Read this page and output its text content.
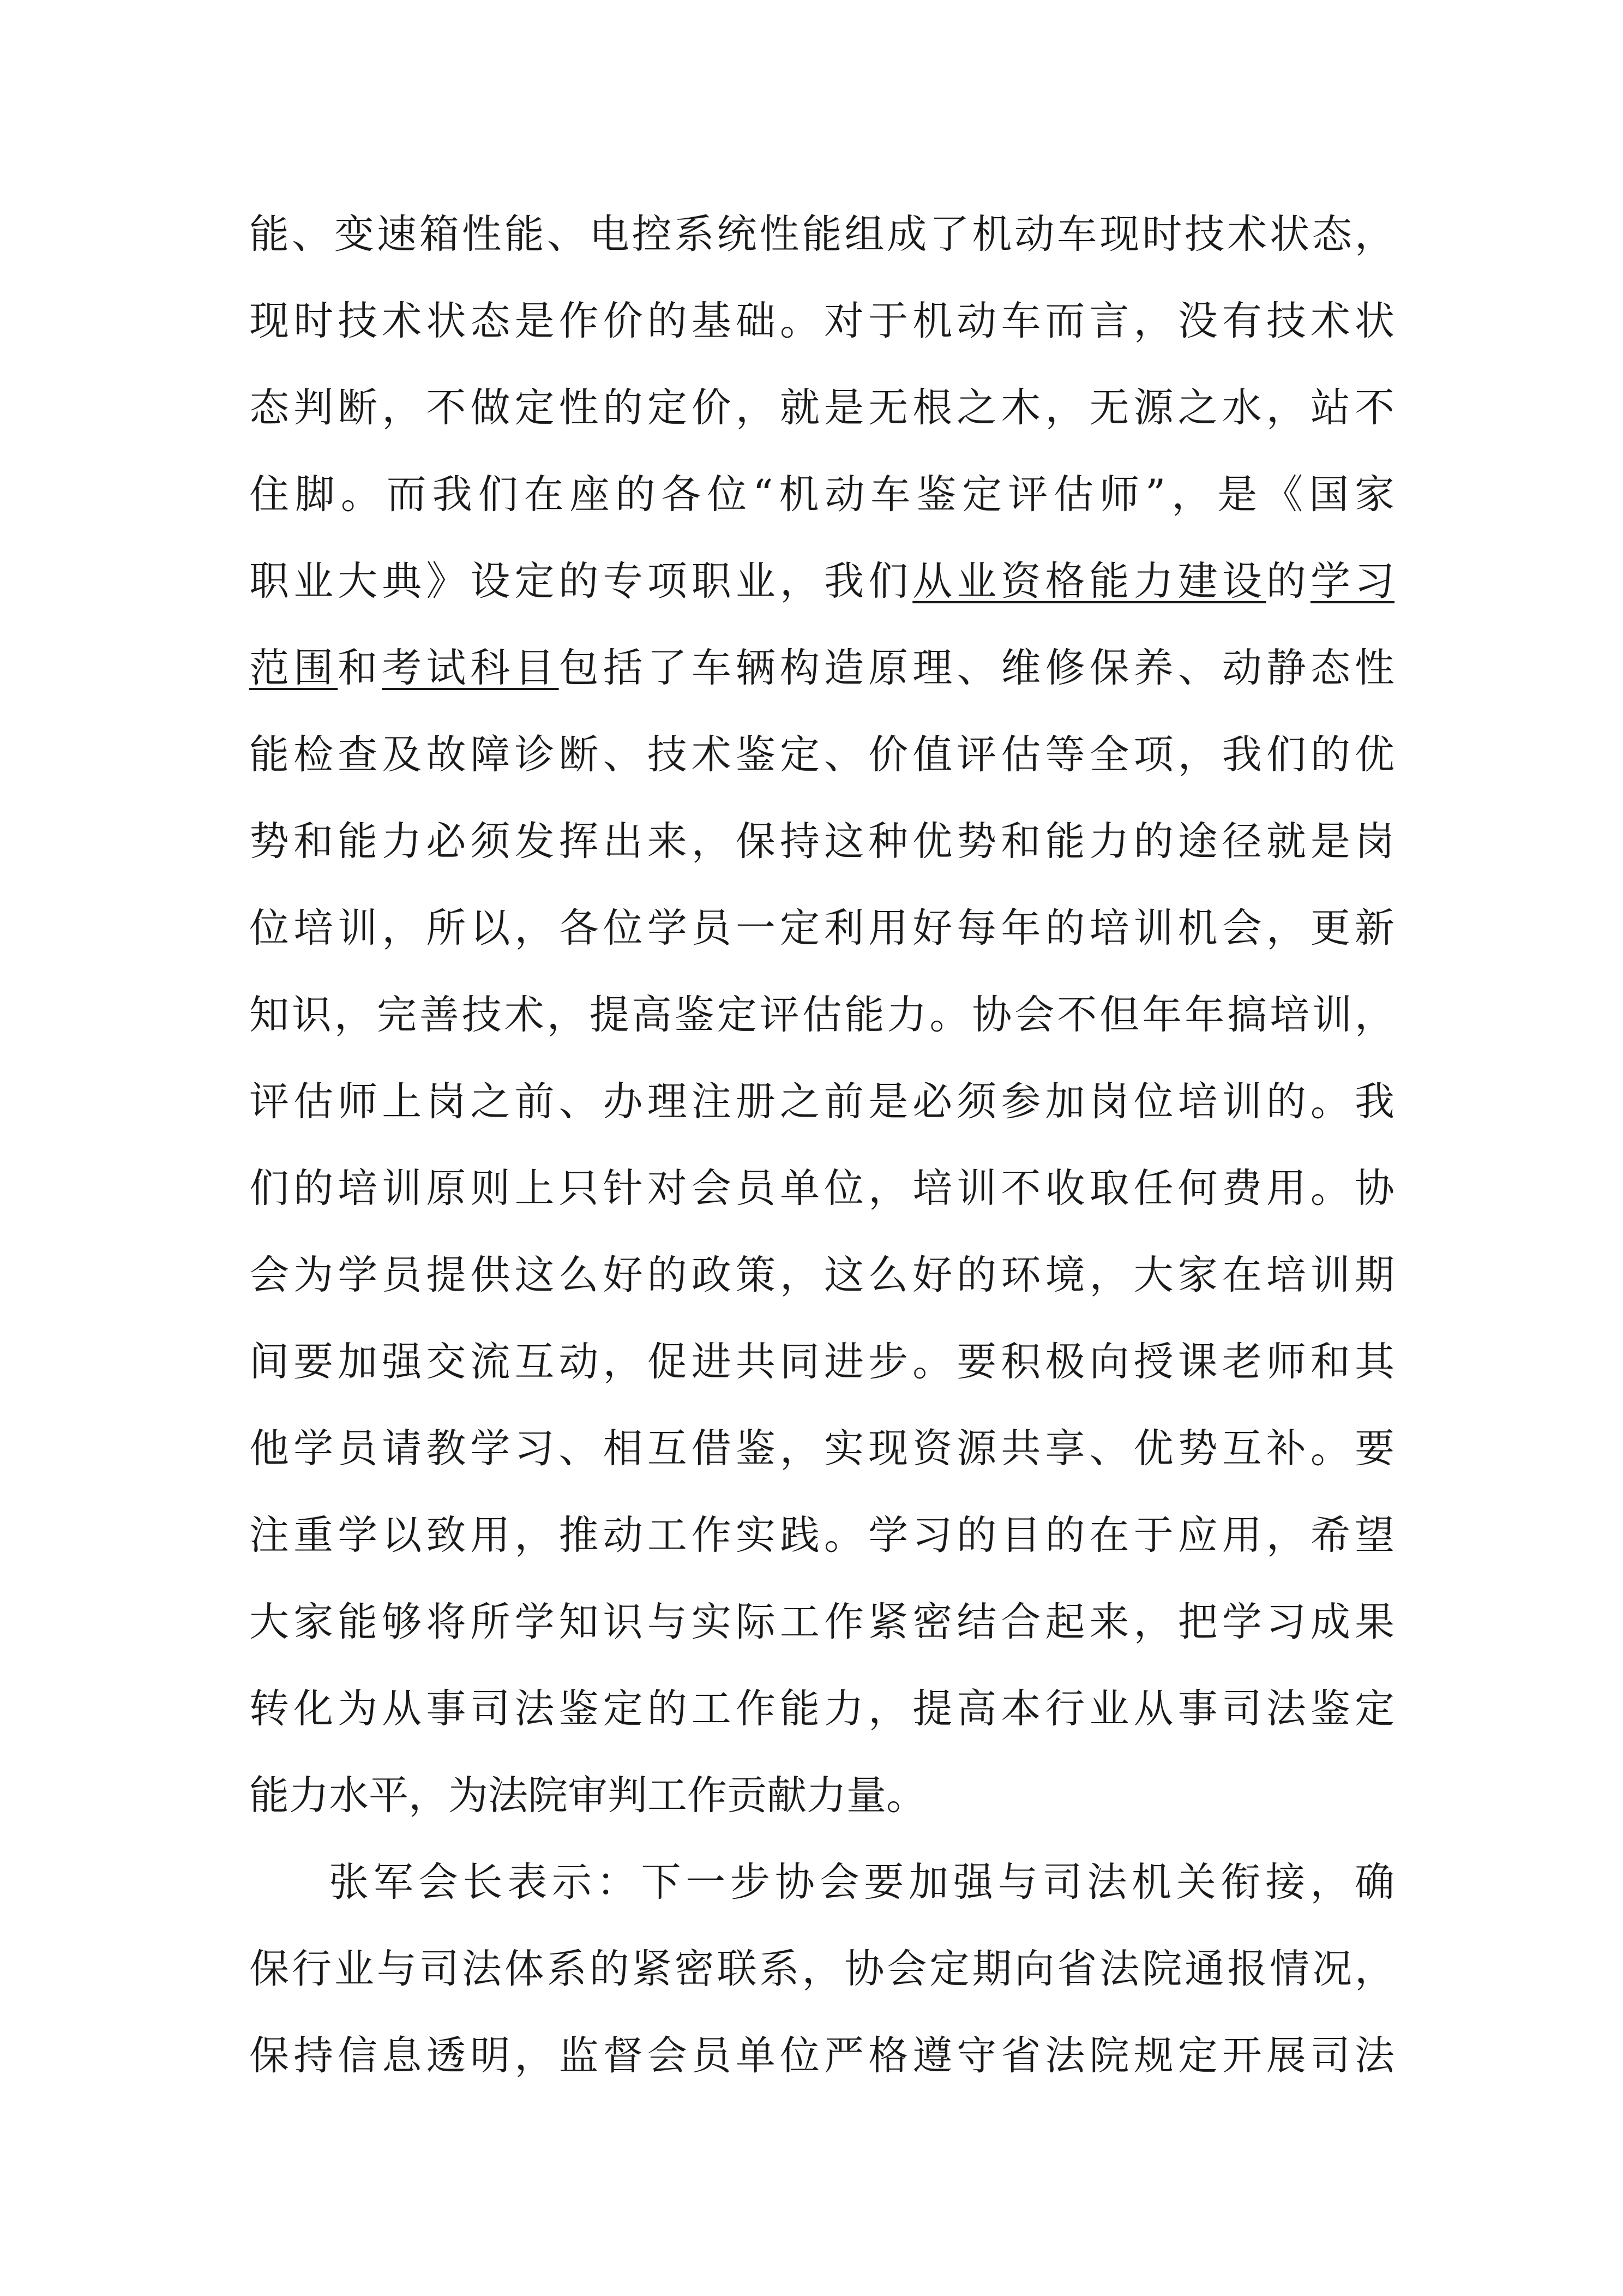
能、变速箱性能、电控系统性能组成了机动车现时技术状态，
现时技术状态是作价的基础。对于机动车而言，没有技术状
态判断，不做定性的定价，就是无根之木，无源之水，站不
住脚。而我们在座的各位“机动车鉴定评估师”，是《国家
职业大典》设定的专项职业，我们从业资格能力建设的学习
范围和考试科目包括了车辆构造原理、维修保养、动静态性
能检查及故障诊断、技术鉴定、价值评估等全项，我们的优
势和能力必须发挥出来，保持这种优势和能力的途径就是岗
位培训，所以，各位学员一定利用好每年的培训机会，更新
知识，完善技术，提高鉴定评估能力。协会不但年年搞培训，
评估师上岗之前、办理注册之前是必须参加岗位培训的。我
们的培训原则上只针对会员单位，培训不收取任何费用。协
会为学员提供这么好的政策，这么好的环境，大家在培训期
间要加强交流互动，促进共同进步。要积极向授课老师和其
他学员请教学习、相互借鉴，实现资源共享、优势互补。要
注重学以致用，推动工作实践。学习的目的在于应用，希望
大家能够将所学知识与实际工作紧密结合起来，把学习成果
转化为从事司法鉴定的工作能力，提高本行业从事司法鉴定
能力水平，为法院审判工作贡献力量。
张军会长表示：下一步协会要加强与司法机关衔接，确
保行业与司法体系的紧密联系，协会定期向省法院通报情况，
保持信息透明，监督会员单位严格遵守省法院规定开展司法
